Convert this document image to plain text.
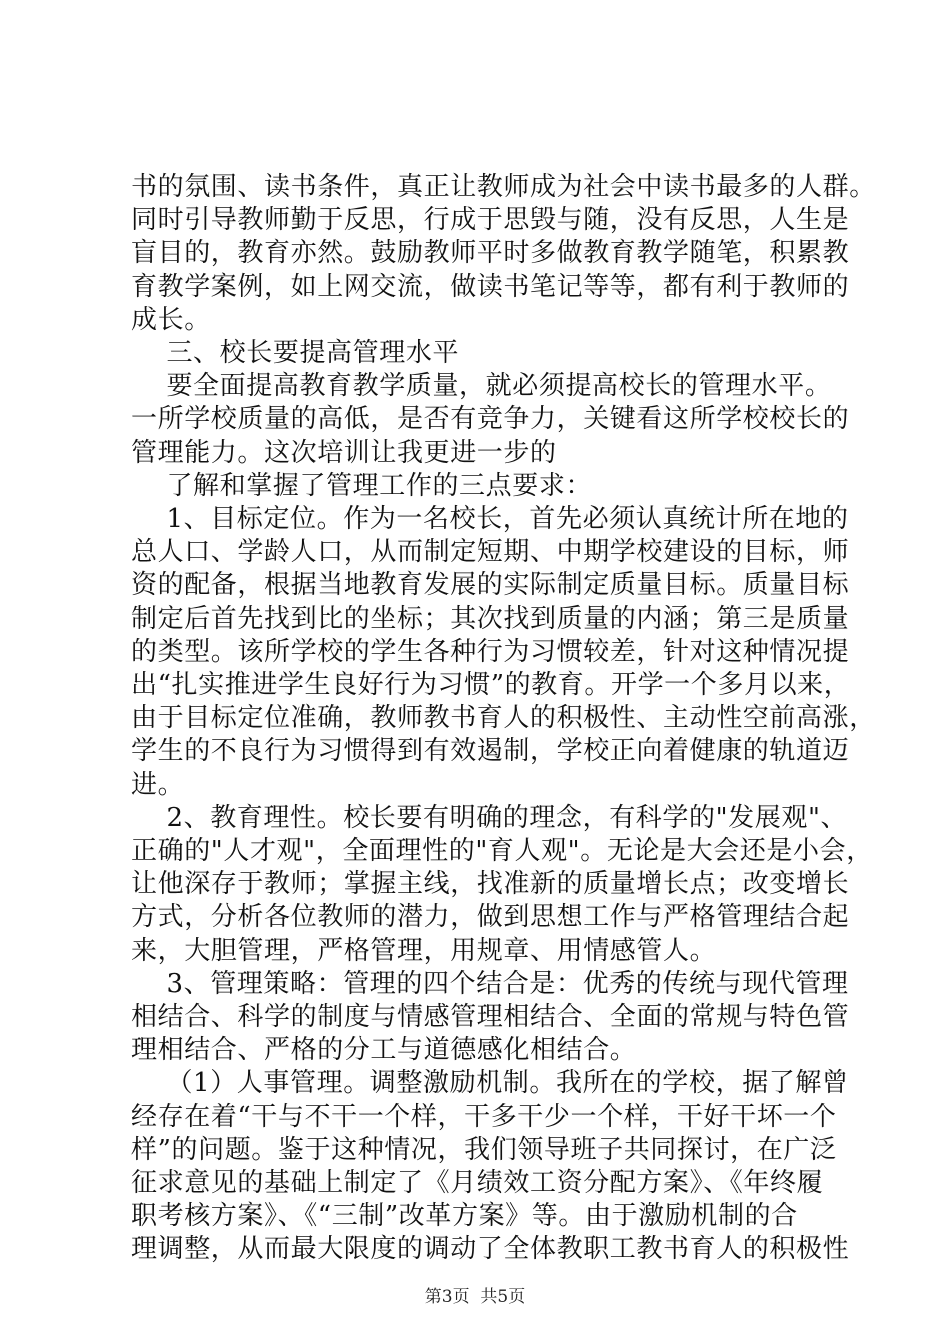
书的氛围、读书条件，真正让教师成为社会中读书最多的人群。
同时引导教师勤于反思，行成于思毁与随，没有反思，人生是
盲目的，教育亦然。鼓励教师平时多做教育教学随笔，积累教
育教学案例，如上网交流，做读书笔记等等，都有利于教师的
成长。
三、校长要提高管理水平
要全面提高教育教学质量，就必须提高校长的管理水平。
一所学校质量的高低，是否有竞争力，关键看这所学校校长的
管理能力。这次培训让我更进一步的
了解和掌握了管理工作的三点要求：
1、目标定位。作为一名校长，首先必须认真统计所在地的
总人口、学龄人口，从而制定短期、中期学校建设的目标，师
资的配备，根据当地教育发展的实际制定质量目标。质量目标
制定后首先找到比的坐标；其次找到质量的内涵；第三是质量
的类型。该所学校的学生各种行为习惯较差，针对这种情况提
出“扎实推进学生良好行为习惯”的教育。开学一个多月以来，
由于目标定位准确，教师教书育人的积极性、主动性空前高涨，
学生的不良行为习惯得到有效遏制，学校正向着健康的轨道迈
进。
2、教育理性。校长要有明确的理念，有科学的"发展观"、
正确的"人才观"，全面理性的"育人观"。无论是大会还是小会，
让他深存于教师；掌握主线，找准新的质量增长点；改变增长
方式，分析各位教师的潜力，做到思想工作与严格管理结合起
来，大胆管理，严格管理，用规章、用情感管人。
3、管理策略：管理的四个结合是：优秀的传统与现代管理
相结合、科学的制度与情感管理相结合、全面的常规与特色管
理相结合、严格的分工与道德感化相结合。
（1）人事管理。调整激励机制。我所在的学校，据了解曾
经存在着“干与不干一个样，干多干少一个样，干好干坏一个
样”的问题。鉴于这种情况，我们领导班子共同探讨，在广泛
征求意见的基础上制定了《月绩效工资分配方案》、《年终履
职考核方案》、《“三制”改革方案》等。由于激励机制的合
理调整，从而最大限度的调动了全体教职工教书育人的积极性
第3页  共5页
